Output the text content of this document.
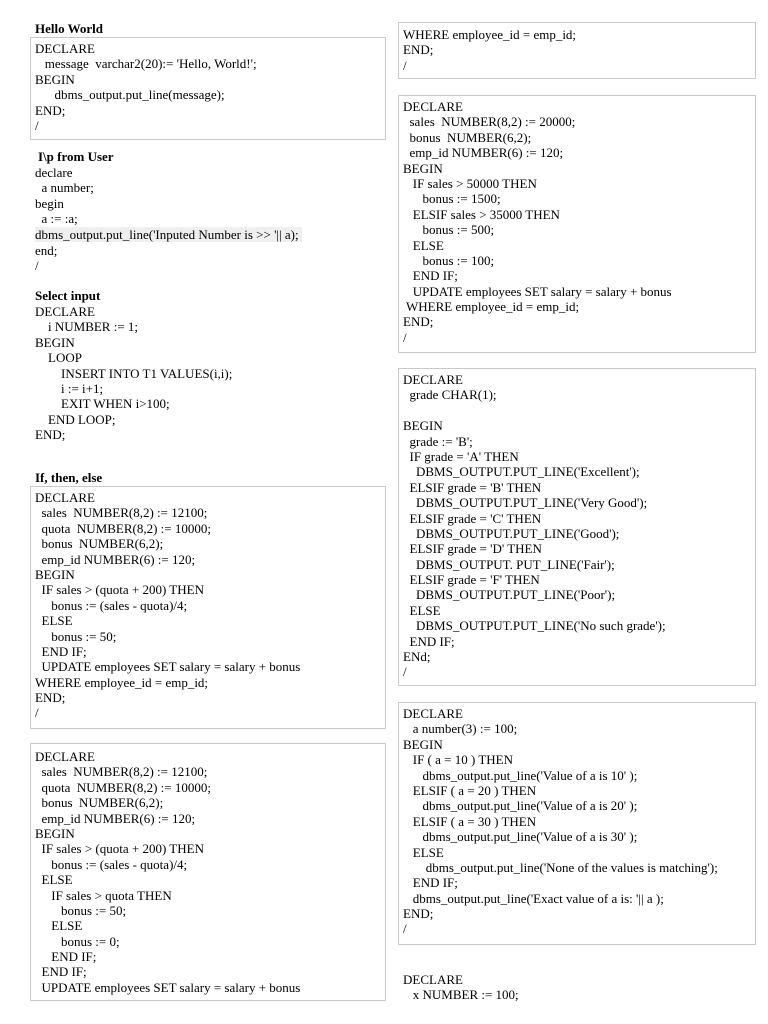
Hello World
DECLARE
message  varchar2(20):= 'Hello, World!';
BEGIN
dbms_output.put_line(message);
END;
/
I\p from User
declare
a number;
begin
a := :a;
dbms_output.put_line('Inputed Number is >> '|| a);
end;
/
Select input
DECLARE
i NUMBER := 1;
BEGIN
LOOP
INSERT INTO T1 VALUES(i,i);
i := i+1;
EXIT WHEN i>100;
END LOOP;
END;
If, then, else
DECLARE
sales  NUMBER(8,2) := 12100;
quota  NUMBER(8,2) := 10000;
bonus  NUMBER(6,2);
emp_id NUMBER(6) := 120;
BEGIN
IF sales > (quota + 200) THEN
bonus := (sales - quota)/4;
ELSE
bonus := 50;
END IF;
UPDATE employees SET salary = salary + bonus
WHERE employee_id = emp_id;
END;
/
DECLARE
sales  NUMBER(8,2) := 12100;
quota  NUMBER(8,2) := 10000;
bonus  NUMBER(6,2);
emp_id NUMBER(6) := 120;
BEGIN
IF sales > (quota + 200) THEN
bonus := (sales - quota)/4;
ELSE
IF sales > quota THEN
bonus := 50;
ELSE
bonus := 0;
END IF;
END IF;
UPDATE employees SET salary = salary + bonus
WHERE employee_id = emp_id;
END;
/
DECLARE
sales  NUMBER(8,2) := 20000;
bonus  NUMBER(6,2);
emp_id NUMBER(6) := 120;
BEGIN
IF sales > 50000 THEN
bonus := 1500;
ELSIF sales > 35000 THEN
bonus := 500;
ELSE
bonus := 100;
END IF;
UPDATE employees SET salary = salary + bonus
WHERE employee_id = emp_id;
END;
/
DECLARE
grade CHAR(1);
BEGIN
grade := 'B';
IF grade = 'A' THEN
DBMS_OUTPUT.PUT_LINE('Excellent');
ELSIF grade = 'B' THEN
DBMS_OUTPUT.PUT_LINE('Very Good');
ELSIF grade = 'C' THEN
DBMS_OUTPUT.PUT_LINE('Good');
ELSIF grade = 'D' THEN
DBMS_OUTPUT. PUT_LINE('Fair');
ELSIF grade = 'F' THEN
DBMS_OUTPUT.PUT_LINE('Poor');
ELSE
DBMS_OUTPUT.PUT_LINE('No such grade');
END IF;
ENd;
/
DECLARE
a number(3) := 100;
BEGIN
IF ( a = 10 ) THEN
dbms_output.put_line('Value of a is 10' );
ELSIF ( a = 20 ) THEN
dbms_output.put_line('Value of a is 20' );
ELSIF ( a = 30 ) THEN
dbms_output.put_line('Value of a is 30' );
ELSE
dbms_output.put_line('None of the values is matching');
END IF;
dbms_output.put_line('Exact value of a is: '|| a );
END;
/
DECLARE
x NUMBER := 100;
